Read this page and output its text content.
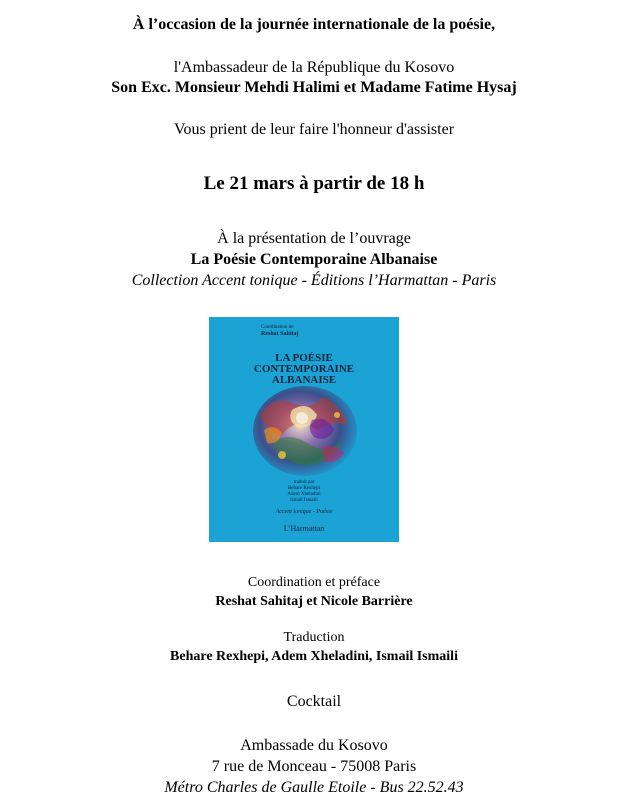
À l’occasion de la journée internationale de la poésie,
l'Ambassadeur de la République du Kosovo
Son Exc. Monsieur Mehdi Halimi et Madame Fatime Hysaj
Vous prient de leur faire l'honneur d'assister
Le 21 mars à partir de 18 h
À la présentation de l’ouvrage
La Poésie Contemporaine Albanaise
Collection Accent tonique - Éditions l’Harmattan - Paris
Coordination de
Reshat Sahitaj
LA POÉSIE
CONTEMPORAINE
ALBANAISE
traduit par
Behare Rexhepi
Adem Xheladini
Ismail Ismaili
Accent tonique - Poésie
L’Harmattan
Coordination et préface
Reshat Sahitaj et Nicole Barrière
Traduction
Behare Rexhepi, Adem Xheladini, Ismail Ismaili
Cocktail
Ambassade du Kosovo
7 rue de Monceau - 75008 Paris
Métro Charles de Gaulle Etoile - Bus 22.52.43
